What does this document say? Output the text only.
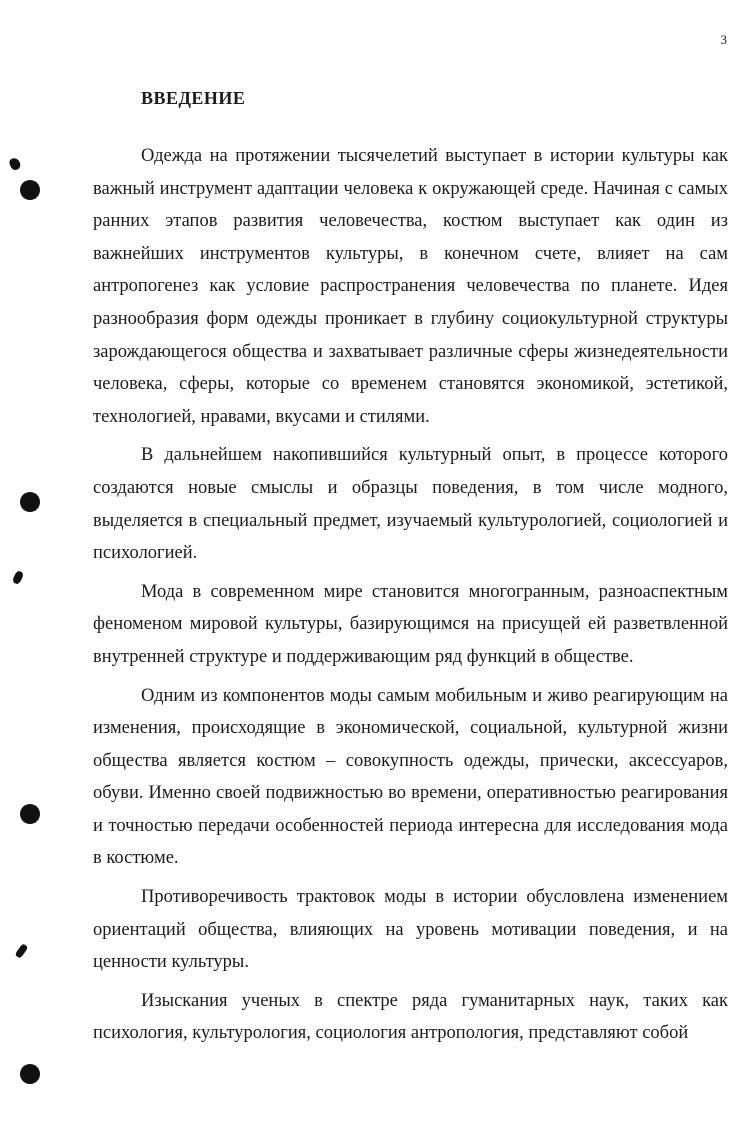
3
ВВЕДЕНИЕ

Одежда на протяжении тысячелетий выступает в истории культуры как важный инструмент адаптации человека к окружающей среде. Начиная с самых ранних этапов развития человечества, костюм выступает как один из важнейших инструментов культуры, в конечном счете, влияет на сам антропогенез как условие распространения человечества по планете. Идея разнообразия форм одежды проникает в глубину социокультурной структуры зарождающегося общества и захватывает различные сферы жизнедеятельности человека, сферы, которые со временем становятся экономикой, эстетикой, технологией, нравами, вкусами и стилями.

В дальнейшем накопившийся культурный опыт, в процессе которого создаются новые смыслы и образцы поведения, в том числе модного, выделяется в специальный предмет, изучаемый культурологией, социологией и психологией.

Мода в современном мире становится многогранным, разноаспектным феноменом мировой культуры, базирующимся на присущей ей разветвленной внутренней структуре и поддерживающим ряд функций в обществе.

Одним из компонентов моды самым мобильным и живо реагирующим на изменения, происходящие в экономической, социальной, культурной жизни общества является костюм – совокупность одежды, прически, аксессуаров, обуви. Именно своей подвижностью во времени, оперативностью реагирования и точностью передачи особенностей периода интересна для исследования мода в костюме.

Противоречивость трактовок моды в истории обусловлена изменением ориентаций общества, влияющих на уровень мотивации поведения, и на ценности культуры.

Изыскания ученых в спектре ряда гуманитарных наук, таких как психология, культурология, социология антропология, представляют собой
